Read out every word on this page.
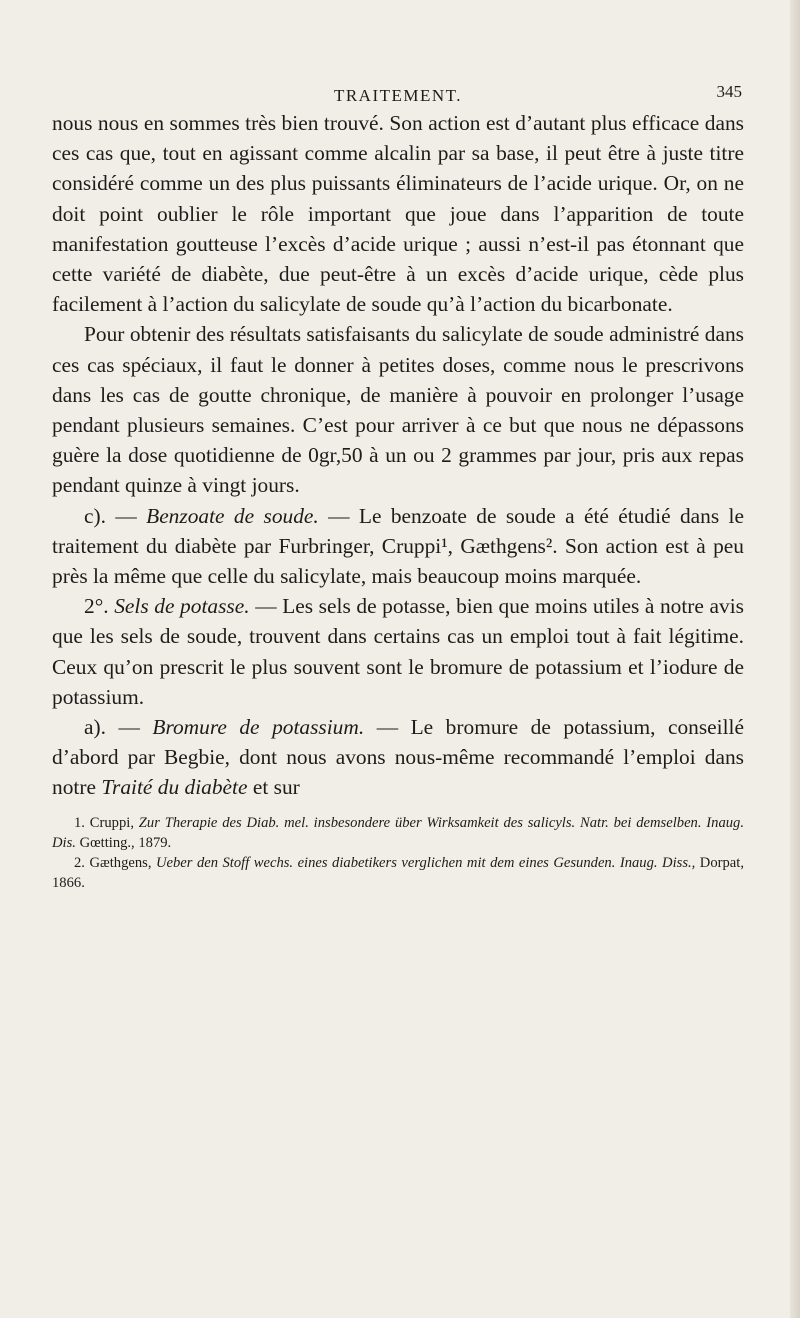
TRAITEMENT.	345

nous nous en sommes très bien trouvé. Son action est d’autant plus efficace dans ces cas que, tout en agissant comme alcalin par sa base, il peut être à juste titre considéré comme un des plus puissants éliminateurs de l’acide urique. Or, on ne doit point oublier le rôle important que joue dans l’apparition de toute manifestation goutteuse l’excès d’acide urique ; aussi n’est-il pas étonnant que cette variété de diabète, due peut-être à un excès d’acide urique, cède plus facilement à l’action du salicylate de soude qu’à l’action du bicarbonate.

Pour obtenir des résultats satisfaisants du salicylate de soude administré dans ces cas spéciaux, il faut le donner à petites doses, comme nous le prescrivons dans les cas de goutte chronique, de manière à pouvoir en prolonger l’usage pendant plusieurs semaines. C’est pour arriver à ce but que nous ne dépassons guère la dose quotidienne de 0gr,50 à un ou 2 grammes par jour, pris aux repas pendant quinze à vingt jours.

c). — Benzoate de soude. — Le benzoate de soude a été étudié dans le traitement du diabète par Furbringer, Cruppi¹, Gæthgens². Son action est à peu près la même que celle du salicylate, mais beaucoup moins marquée.

2°. Sels de potasse. — Les sels de potasse, bien que moins utiles à notre avis que les sels de soude, trouvent dans certains cas un emploi tout à fait légitime. Ceux qu’on prescrit le plus souvent sont le bromure de potassium et l’iodure de potassium.

a). — Bromure de potassium. — Le bromure de potassium, conseillé d’abord par Begbie, dont nous avons nous-même recommandé l’emploi dans notre Traité du diabète et sur

1. Cruppi, Zur Therapie des Diab. mel. insbesondere über Wirksamkeit des salicyls. Natr. bei demselben. Inaug. Dis. Gœtting., 1879.

2. Gæthgens, Ueber den Stoff wechs. eines diabetikers verglichen mit dem eines Gesunden. Inaug. Diss., Dorpat, 1866.
